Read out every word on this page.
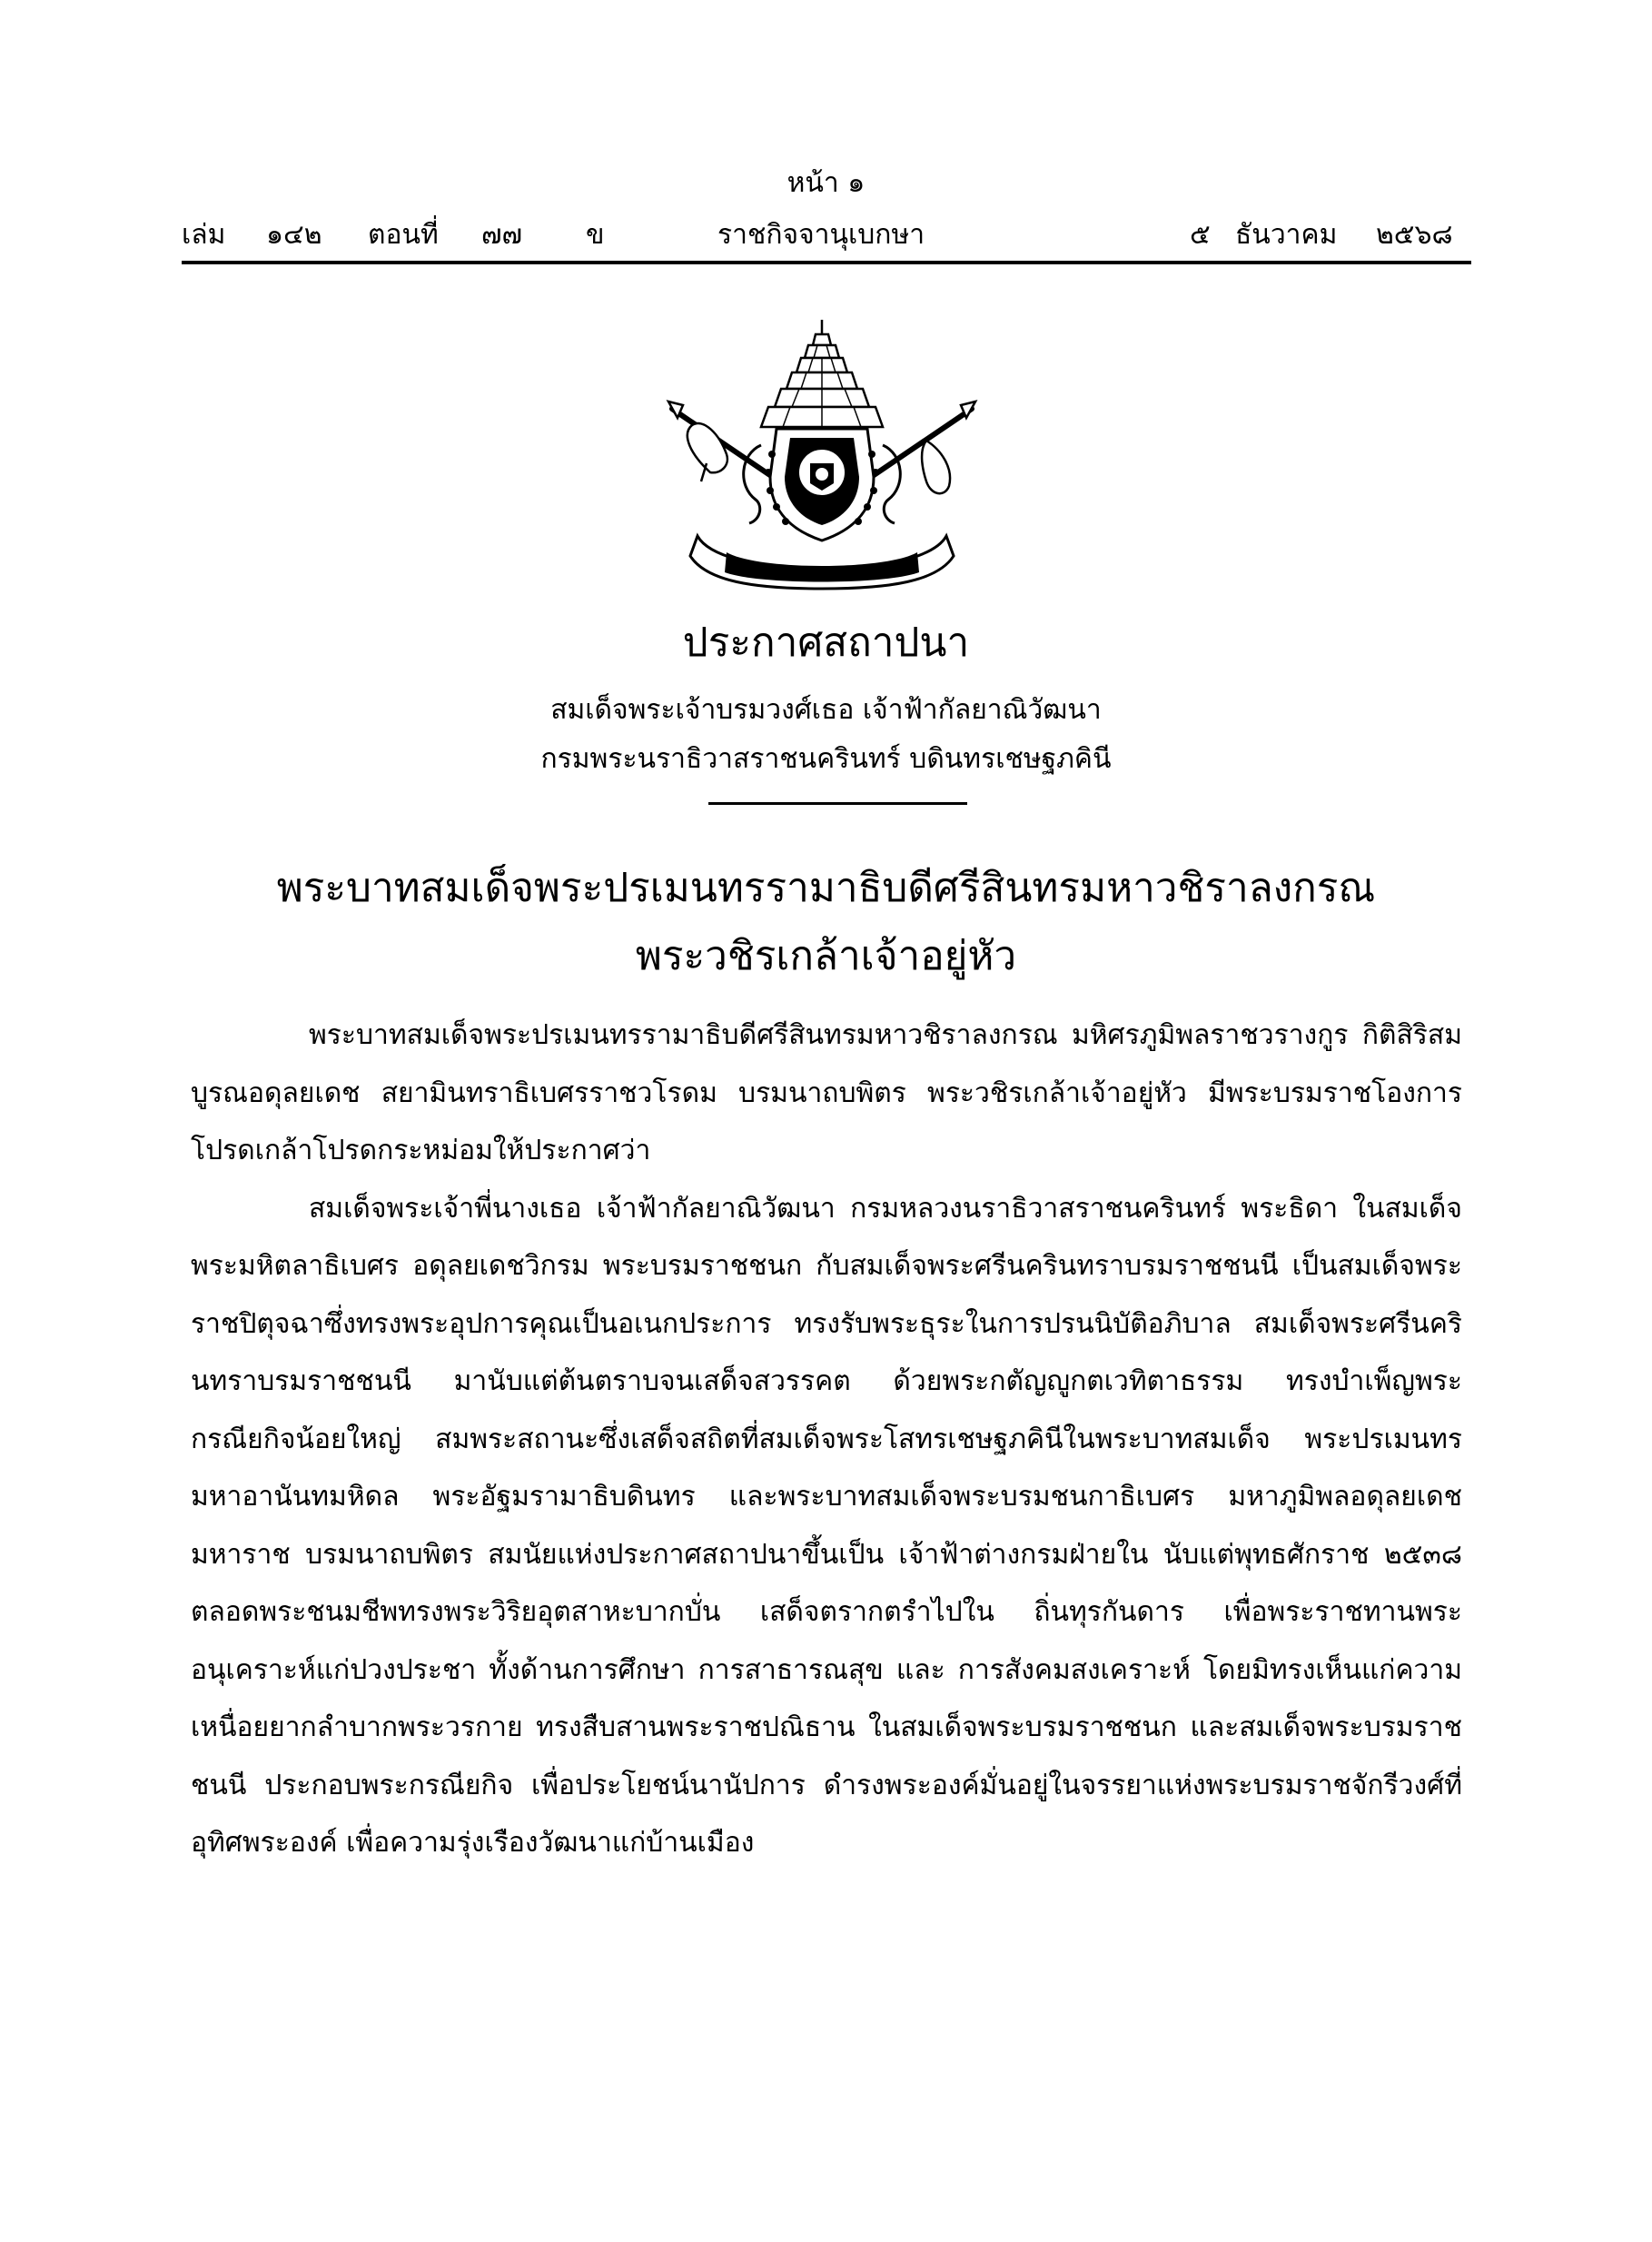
หน้า ๑
เล่ม ๑๔๒ ตอนที่ ๗๗ ข	ราชกิจจานุเบกษา	๕ ธันวาคม ๒๕๖๘
ประกาศสถาปนา
สมเด็จพระเจ้าบรมวงศ์เธอ เจ้าฟ้ากัลยาณิวัฒนา
กรมพระนราธิวาสราชนครินทร์ บดินทรเชษฐภคินี
พระบาทสมเด็จพระปรเมนทรรามาธิบดีศรีสินทรมหาวชิราลงกรณ
พระวชิรเกล้าเจ้าอยู่หัว

พระบาทสมเด็จพระปรเมนทรรามาธิบดีศรีสินทรมหาวชิราลงกรณ มหิศรภูมิพลราชวรางกูร กิติสิริสมบูรณอดุลยเดช สยามินทราธิเบศรราชวโรดม บรมนาถบพิตร พระวชิรเกล้าเจ้าอยู่หัว มีพระบรมราชโองการโปรดเกล้าโปรดกระหม่อมให้ประกาศว่า

สมเด็จพระเจ้าพี่นางเธอ เจ้าฟ้ากัลยาณิวัฒนา กรมหลวงนราธิวาสราชนครินทร์ พระธิดา ในสมเด็จพระมหิตลาธิเบศร อดุลยเดชวิกรม พระบรมราชชนก กับสมเด็จพระศรีนครินทราบรมราชชนนี เป็นสมเด็จพระราชปิตุจฉาซึ่งทรงพระอุปการคุณเป็นอเนกประการ ทรงรับพระธุระในการปรนนิบัติอภิบาล สมเด็จพระศรีนครินทราบรมราชชนนี มานับแต่ต้นตราบจนเสด็จสวรรคต ด้วยพระกตัญญูกตเวทิตาธรรม ทรงบำเพ็ญพระกรณียกิจน้อยใหญ่ สมพระสถานะซึ่งเสด็จสถิตที่สมเด็จพระโสทรเชษฐภคินีในพระบาทสมเด็จ พระปรเมนทรมหาอานันทมหิดล พระอัฐมรามาธิบดินทร และพระบาทสมเด็จพระบรมชนกาธิเบศร มหาภูมิพลอดุลยเดชมหาราช บรมนาถบพิตร สมนัยแห่งประกาศสถาปนาขึ้นเป็น เจ้าฟ้าต่างกรมฝ่ายใน นับแต่พุทธศักราช ๒๕๓๘ ตลอดพระชนมชีพทรงพระวิริยอุตสาหะบากบั่น เสด็จตรากตรำไปใน ถิ่นทุรกันดาร เพื่อพระราชทานพระอนุเคราะห์แก่ปวงประชา ทั้งด้านการศึกษา การสาธารณสุข และ การสังคมสงเคราะห์ โดยมิทรงเห็นแก่ความเหนื่อยยากลำบากพระวรกาย ทรงสืบสานพระราชปณิธาน ในสมเด็จพระบรมราชชนก และสมเด็จพระบรมราชชนนี ประกอบพระกรณียกิจ เพื่อประโยชน์นานัปการ ดำรงพระองค์มั่นอยู่ในจรรยาแห่งพระบรมราชจักรีวงศ์ที่อุทิศพระองค์ เพื่อความรุ่งเรืองวัฒนาแก่บ้านเมือง
